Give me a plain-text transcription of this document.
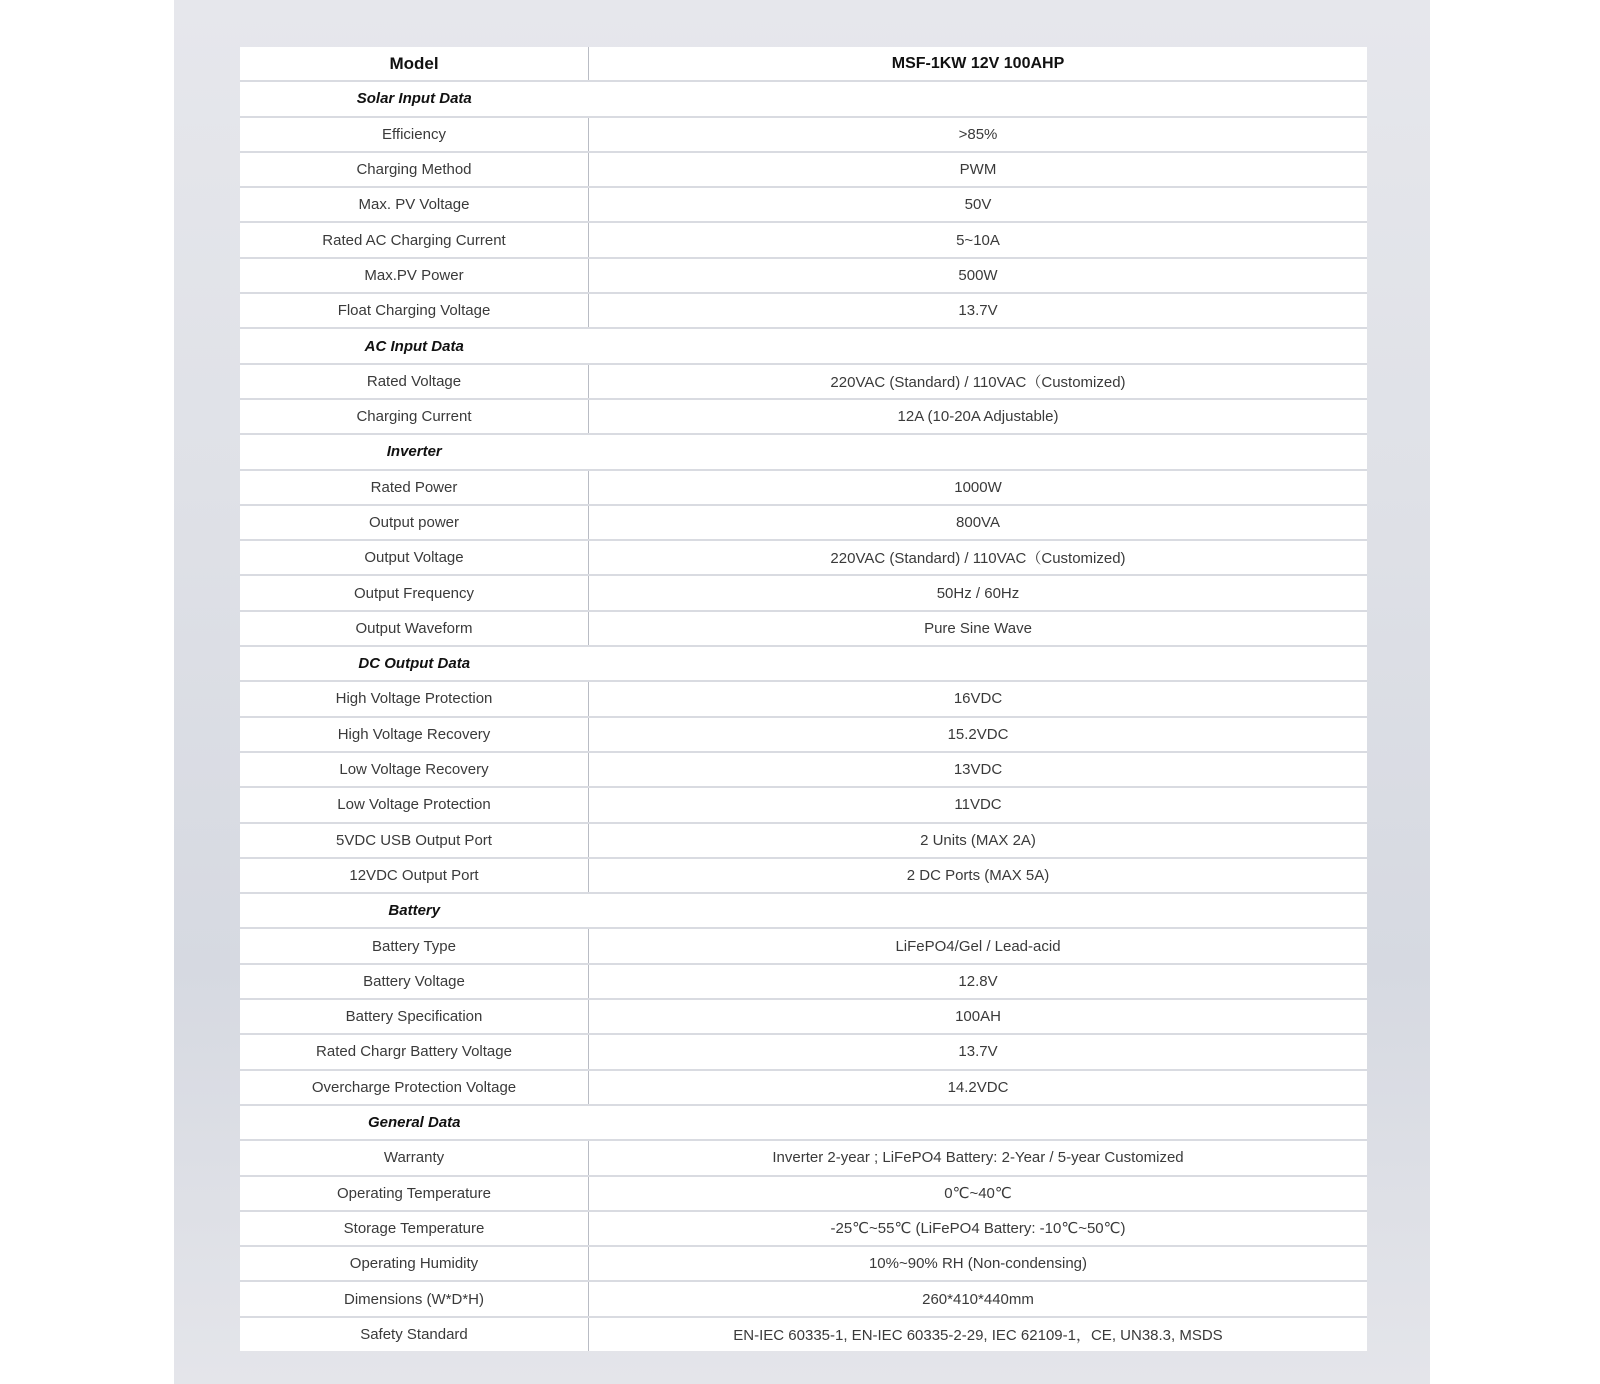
Model	MSF-1KW 12V 100AHP
Solar Input Data	
Efficiency	>85%
Charging Method	PWM
Max. PV Voltage	50V
Rated AC Charging Current	5~10A
Max.PV Power	500W
Float Charging Voltage	13.7V
AC Input Data	
Rated Voltage	220VAC (Standard) / 110VAC（Customized)
Charging Current	12A (10-20A Adjustable)
Inverter	
Rated Power	1000W
Output power	800VA
Output Voltage	220VAC (Standard) / 110VAC（Customized)
Output Frequency	50Hz / 60Hz
Output Waveform	Pure Sine Wave
DC Output Data	
High Voltage Protection	16VDC
High Voltage Recovery	15.2VDC
Low Voltage Recovery	13VDC
Low Voltage Protection	11VDC
5VDC USB Output Port	2 Units (MAX 2A)
12VDC Output Port	2 DC Ports (MAX 5A)
Battery	
Battery Type	LiFePO4/Gel / Lead-acid
Battery Voltage	12.8V
Battery Specification	100AH
Rated Chargr Battery Voltage	13.7V
Overcharge Protection Voltage	14.2VDC
General Data	
Warranty	Inverter 2-year ; LiFePO4 Battery: 2-Year / 5-year Customized
Operating Temperature	0℃~40℃
Storage Temperature	-25℃~55℃ (LiFePO4 Battery: -10℃~50℃)
Operating Humidity	10%~90% RH (Non-condensing)
Dimensions (W*D*H)	260*410*440mm
Safety Standard	EN-IEC 60335-1, EN-IEC 60335-2-29, IEC 62109-1，CE, UN38.3, MSDS
